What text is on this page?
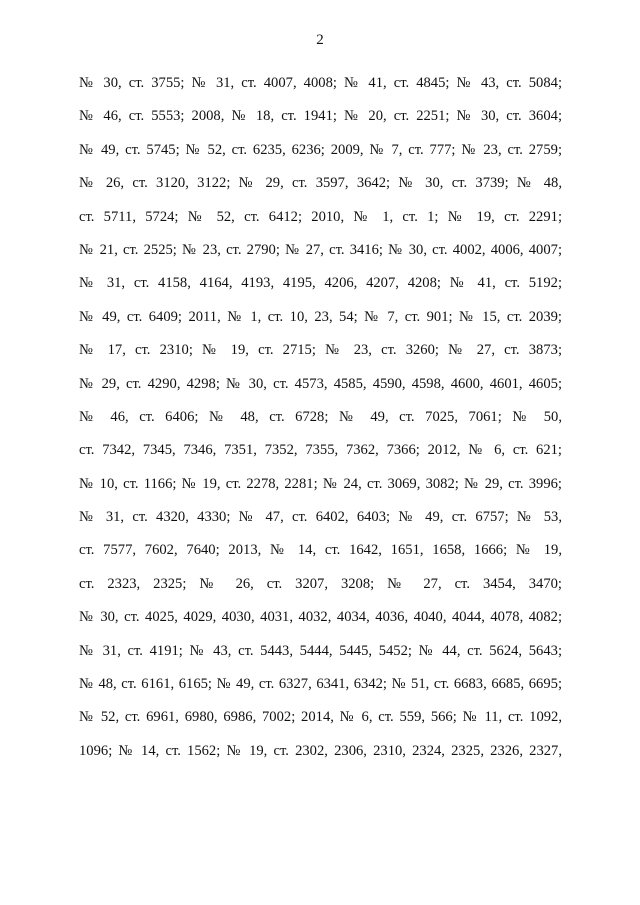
2
№ 30, ст. 3755; № 31, ст. 4007, 4008; № 41, ст. 4845; № 43, ст. 5084;
№ 46, ст. 5553; 2008, № 18, ст. 1941; № 20, ст. 2251; № 30, ст. 3604;
№ 49, ст. 5745; № 52, ст. 6235, 6236; 2009, № 7, ст. 777; № 23, ст. 2759;
№ 26, ст. 3120, 3122; № 29, ст. 3597, 3642; № 30, ст. 3739; № 48,
ст. 5711, 5724; № 52, ст. 6412; 2010, № 1, ст. 1; № 19, ст. 2291;
№ 21, ст. 2525; № 23, ст. 2790; № 27, ст. 3416; № 30, ст. 4002, 4006, 4007;
№ 31, ст. 4158, 4164, 4193, 4195, 4206, 4207, 4208; № 41, ст. 5192;
№ 49, ст. 6409; 2011, № 1, ст. 10, 23, 54; № 7, ст. 901; № 15, ст. 2039;
№ 17, ст. 2310; № 19, ст. 2715; № 23, ст. 3260; № 27, ст. 3873;
№ 29, ст. 4290, 4298; № 30, ст. 4573, 4585, 4590, 4598, 4600, 4601, 4605;
№ 46, ст. 6406; № 48, ст. 6728; № 49, ст. 7025, 7061; № 50,
ст. 7342, 7345, 7346, 7351, 7352, 7355, 7362, 7366; 2012, № 6, ст. 621;
№ 10, ст. 1166; № 19, ст. 2278, 2281; № 24, ст. 3069, 3082; № 29, ст. 3996;
№ 31, ст. 4320, 4330; № 47, ст. 6402, 6403; № 49, ст. 6757; № 53,
ст. 7577, 7602, 7640; 2013, № 14, ст. 1642, 1651, 1658, 1666; № 19,
ст. 2323, 2325; № 26, ст. 3207, 3208; № 27, ст. 3454, 3470;
№ 30, ст. 4025, 4029, 4030, 4031, 4032, 4034, 4036, 4040, 4044, 4078, 4082;
№ 31, ст. 4191; № 43, ст. 5443, 5444, 5445, 5452; № 44, ст. 5624, 5643;
№ 48, ст. 6161, 6165; № 49, ст. 6327, 6341, 6342; № 51, ст. 6683, 6685, 6695;
№ 52, ст. 6961, 6980, 6986, 7002; 2014, № 6, ст. 559, 566; № 11, ст. 1092,
1096; № 14, ст. 1562; № 19, ст. 2302, 2306, 2310, 2324, 2325, 2326, 2327,
